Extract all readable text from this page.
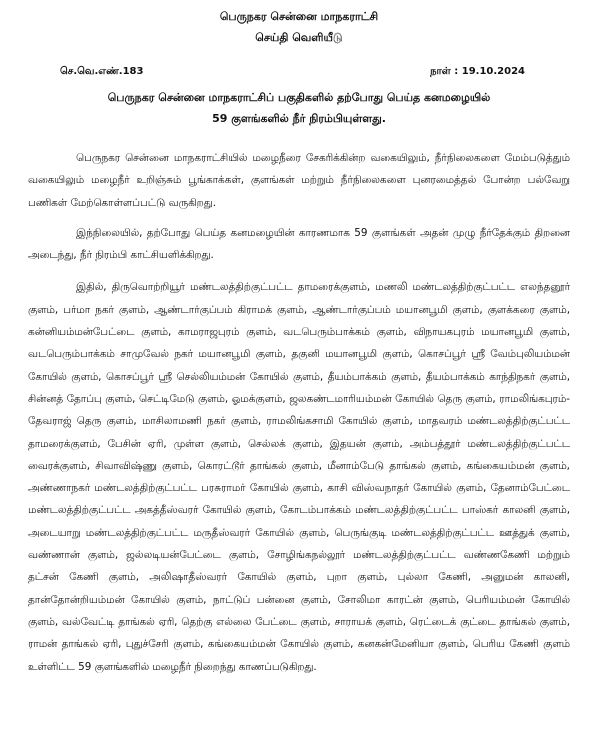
பெருநகர சென்னை மாநகராட்சி
செய்தி வெளியீடு
செ.வெ.எண்.183	நாள் : 19.10.2024
பெருநகர சென்னை மாநகராட்சிப் பகுதிகளில் தற்போது பெய்த கனமழையில்
59 குளங்களில் நீர் நிரம்பியுள்ளது.

பெருநகர சென்னை மாநகராட்சியில் மழைநீரை சேகரிக்கின்ற வகையிலும், நீர்நிலைகளை மேம்படுத்தும் வகையிலும் மழைநீர் உறிஞ்சும் பூங்காக்கள், குளங்கள் மற்றும் நீர்நிலைகளை புனரமைத்தல் போன்ற பல்வேறு பணிகள் மேற்கொள்ளப்பட்டு வருகிறது.

இந்நிலையில், தற்போது பெய்த கனமழையின் காரணமாக 59 குளங்கள் அதன் முழு நீர்தேக்கும் திறனை அடைந்து, நீர் நிரம்பி காட்சியளிக்கிறது.

இதில், திருவொற்றியூர் மண்டலத்திற்குட்பட்ட தாமரைக்குளம், மணலி மண்டலத்திற்குட்பட்ட எலந்தனூர் குளம், பர்மா நகர் குளம், ஆண்டார்குப்பம் கிராமக் குளம், ஆண்டார்குப்பம் மயானபூமி குளம், குளக்கரை குளம், கன்னியம்மன்பேட்டை குளம், காமராஜபுரம் குளம், வடபெரும்பாக்கம் குளம், விநாயகபுரம் மயானபூமி குளம், வடபெரும்பாக்கம் சாமுவேல் நகர் மயானபூமி குளம், தகுனி மயானபூமி குளம், கொசப்பூர் ஸ்ரீ வேம்புலியம்மன் கோயில் குளம், கொசப்பூர் ஸ்ரீ செல்லியம்மன் கோயில் குளம், தீயம்பாக்கம் குளம், தீயம்பாக்கம் காந்திநகர் குளம், சின்னத் தோப்பு குளம், செட்டிமேடு குளம், ஓமக்குளம், ஜலகண்டமாரியம்மன் கோயில் தெரு குளம், ராமலிங்கபுரம்-தேவராஜ் தெரு குளம், மாசிலாமணி நகர் குளம், ராமலிங்கசாமி கோயில் குளம், மாதவரம் மண்டலத்திற்குட்பட்ட தாமரைக்குளம், பேசின் ஏரி, முள்ள குளம், செல்லக் குளம், இதயன் குளம், அம்பத்தூர் மண்டலத்திற்குட்பட்ட வைரக்குளம், சிவாவிஷ்ணு குளம், கொரட்டூர் தாங்கல் குளம், மீனாம்பேடு தாங்கல் குளம், கங்கையம்மன் குளம், அண்ணாநகர் மண்டலத்திற்குட்பட்ட பரசுராமர் கோயில் குளம், காசி விஸ்வநாதர் கோயில் குளம், தேனாம்பேட்டை மண்டலத்திற்குட்பட்ட அகத்தீஸ்வரர் கோயில் குளம், கோடம்பாக்கம் மண்டலத்திற்குட்பட்ட பாஸ்கர் காலனி குளம், அடையாறு மண்டலத்திற்குட்பட்ட மருதீஸ்வரர் கோயில் குளம், பெருங்குடி மண்டலத்திற்குட்பட்ட ஊத்துக் குளம், வண்ணான் குளம், ஜல்லடியன்பேட்டை குளம், சோழிங்கநல்லூர் மண்டலத்திற்குட்பட்ட வண்ணகேணி மற்றும் தட்சன் கேணி குளம், அலிஷாதீஸ்வரர் கோயில் குளம், புறா குளம், புல்லா கேணி, அனுமன் காலனி, தான்தோன்றியம்மன் கோயில் குளம், நாட்டுப் பன்னை குளம், சோலிமா காரட்ன் குளம், பெரியம்மன் கோயில் குளம், வல்வேட்டி தாங்கல் ஏரி, தெற்கு எல்லை பேட்டை குளம், சாராயக் குளம், ரெட்டைக் குட்டை தாங்கல் குளம், ராமன் தாங்கல் ஏரி, புதுச்சேரி குளம், கங்கையம்மன் கோயில் குளம், கனகன்மேனியா குளம், பெரிய கேணி குளம் உள்ளிட்ட 59 குளங்களில் மழைநீர் நிறைந்து காணப்படுகிறது.
